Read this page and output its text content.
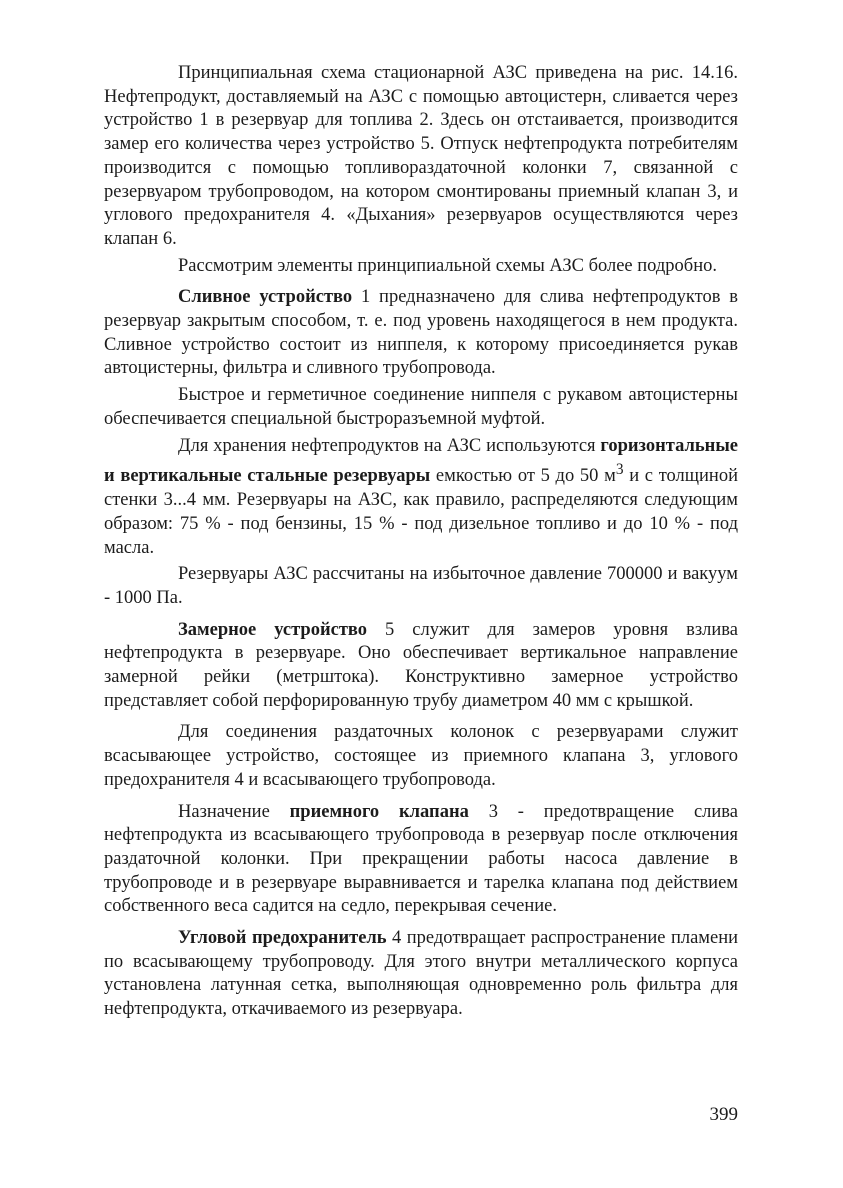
Принципиальная схема стационарной АЗС приведена на рис. 14.16. Нефтепродукт, доставляемый на АЗС с помощью автоцистерн, сливается через устройство 1 в резервуар для топлива 2. Здесь он отстаивается, производится замер его количества через устройство 5. Отпуск нефтепродукта потребителям производится с помощью топливораздаточной колонки 7, связанной с резервуаром трубопроводом, на котором смонтированы приемный клапан 3, и углового предохранителя 4. «Дыхания» резервуаров осуществляются через клапан 6.

Рассмотрим элементы принципиальной схемы АЗС более подробно.

Сливное устройство 1 предназначено для слива нефтепродуктов в резервуар закрытым способом, т. е. под уровень находящегося в нем продукта. Сливное устройство состоит из ниппеля, к которому присоединяется рукав автоцистерны, фильтра и сливного трубопровода.

Быстрое и герметичное соединение ниппеля с рукавом автоцистерны обеспечивается специальной быстроразъемной муфтой.

Для хранения нефтепродуктов на АЗС используются горизонтальные и вертикальные стальные резервуары емкостью от 5 до 50 $м^3$ и с толщиной стенки 3...4 мм. Резервуары на АЗС, как правило, распределяются следующим образом: 75 % - под бензины, 15 % - под дизельное топливо и до 10 % - под масла.

Резервуары АЗС рассчитаны на избыточное давление 700000 и вакуум - 1000 Па.

Замерное устройство 5 служит для замеров уровня взлива нефтепродукта в резервуаре. Оно обеспечивает вертикальное направление замерной рейки (метрштока). Конструктивно замерное устройство представляет собой перфорированную трубу диаметром 40 мм с крышкой.

Для соединения раздаточных колонок с резервуарами служит всасывающее устройство, состоящее из приемного клапана 3, углового предохранителя 4 и всасывающего трубопровода.

Назначение приемного клапана 3 - предотвращение слива нефтепродукта из всасывающего трубопровода в резервуар после отключения раздаточной колонки. При прекращении работы насоса давление в трубопроводе и в резервуаре выравнивается и тарелка клапана под действием собственного веса садится на седло, перекрывая сечение.

Угловой предохранитель 4 предотвращает распространение пламени по всасывающему трубопроводу. Для этого внутри металлического корпуса установлена латунная сетка, выполняющая одновременно роль фильтра для нефтепродукта, откачиваемого из резервуара.

399
